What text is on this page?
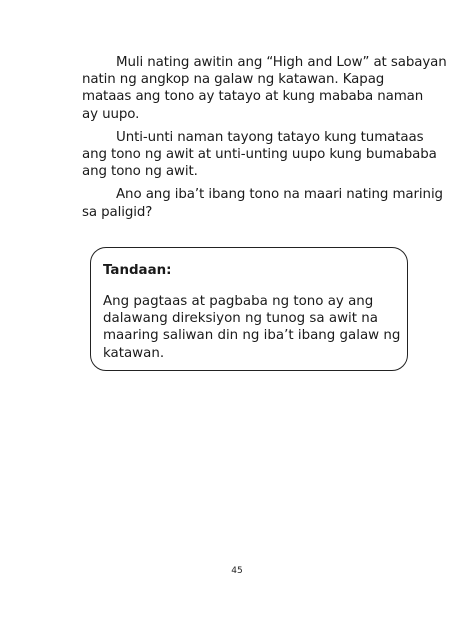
Muli nating awitin ang “High and Low” at sabayan
natin ng angkop na galaw ng katawan. Kapag
mataas ang tono ay tatayo at kung mababa naman
ay uupo.

Unti-unti naman tayong tatayo kung tumataas
ang tono ng awit at unti-unting uupo kung bumababa
ang tono ng awit.

Ano ang iba’t ibang tono na maari nating marinig
sa paligid?

Tandaan:

Ang pagtaas at pagbaba ng tono ay ang
dalawang direksiyon ng tunog sa awit na
maaring saliwan din ng iba’t ibang galaw ng
katawan.

45
